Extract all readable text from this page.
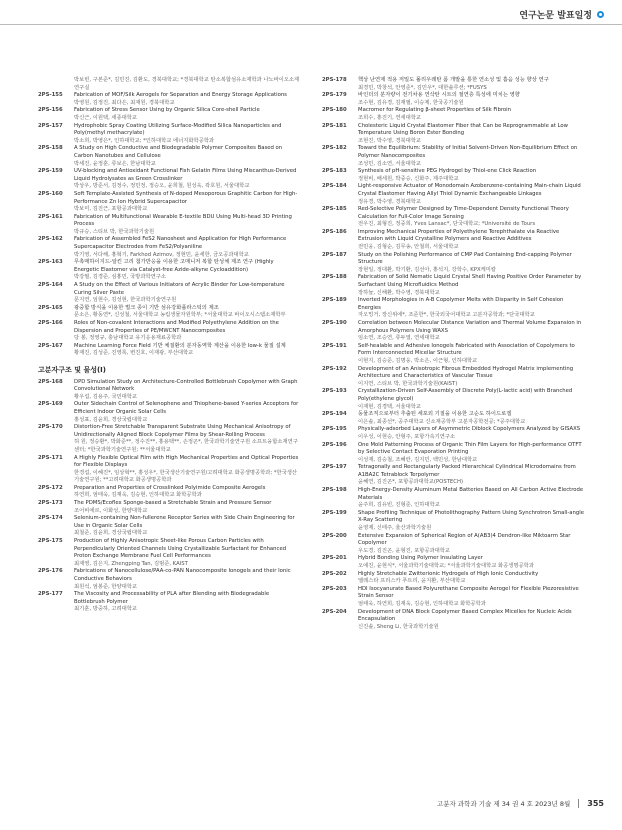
연구논문 발표일정
박보빈, 구본준*, 김민진, 김환도, 경북대학교; *경북대학교 탄소복합섬유소재학과 나노바이오소재 연구실
2PS-155	Fabrication of MOF/Silk Aerogels for Separation and Energy Storage Applications
박영원, 김정진, 최다은, 최재원, 경북대학교
2PS-156	Fabrication of Stress Sensor Using by Organic Silica Core-shell Particle
박신근, 이원택, 세종대학교
2PS-157	Hydrophobic Spray Coating Utilizing Surface-Modified Silica Nanoparticles and Poly(methyl methacrylate)
박소희, 박영은*, 인하대학교; *인하대학교 에너지화학공학과
2PS-158	A Study on High Conductive and Biodegradable Polymer Composites Based on Carbon Nanotubes and Cellulose
박세진, 윤정훈, 류보은, 한남대학교
2PS-159	UV-blocking and Antioxidant Functional Fish Gelatin Films Using Miscanthus-Derived Liquid Hydrolysates as Green Crosslinker
박상우, 방준서, 김정수, 정민정, 정승오, 윤희철, 원성욱, 곽호원, 서울대학교
2PS-160	Soft Template-Assisted Synthesis of N-doped Mesoporous Graphitic Carbon for High-Performance Zn Ion Hybrid Supercapacitor
박보미, 김진근, 포항공과대학교
2PS-161	Fabrication of Multifunctional Wearable E-textile BDU Using Multi-head 3D Printing Process
박규승, 스티브 박, 한국과학기술원
2PS-162	Fabrication of Assembled FeS2 Nanosheet and Application for High Performance Supercapacitor Electrodes from FeS2/Polyaniline
박기영, 서다해, 홍혁기, Farkhod Azimov, 정현민, 윤세한, 금오공과대학교
2PS-163	무촉매하이지드-알킨 고리 첨가반응을 이용한 고매니저 복합 탄성체 제조 연구 (Highly Energetic Elastomer via Catalyst-free Azide-alkyne Cycloaddition)
박강필, 김경준, 심홍민, 국방과학연구소
2PS-164	A Study on the Effect of Various Initiators of Acrylic Binder for Low-temperature Curing Silver Paste
문지연, 임현수, 김성현, 한국과학기술연구원
2PS-165	광중합 방식을 이용한 벌크 종이 기반 섬유강화플라스틱의 제조
문소은, 황동연*, 신성철, 서울대학교 농림생물자원학부; *서울대학교 바이오시스템소재학부
2PS-166	Roles of Non-covalent Interactions and Modified Polyethylene Addition on the Dispersion and Properties of PE/MWCNT Nanocomposites
당 봉, 정영규, 충남대학교 유기응용재료공학과
2PS-167	Machine Learning Force Field 기반 체질환의 분자동역학 계산을 이용한 low-k 물질 설계
황재진, 김성준, 진영록, 변진호, 이재광, 부산대학교
고분자구조 및 물성(I)
2PS-168	DPD Simulation Study on Architecture-Controlled Bottlebrush Copolymer with Graph Convolutional Network
황우섭, 김용주, 국민대학교
2PS-169	Outer Sidechain Control of Selenophene and Thiophene-based Y-series Acceptors for Efficient Indoor Organic Solar Cells
홍성표, 김윤희, 경상국립대학교
2PS-170	Distortion-Free Stretchable Transparent Substrate Using Mechanical Anisotropy of Unidirectionally Aligned Block Copolymer Films by Shear-Rolling Process
허 원, 정승환*, 박화준**, 정수진**, 홍용택**, 손정곤*, 한국과학기술연구원 소프트융합소재연구센터; *한국과학기술연구원; **서울대학교
2PS-171	A Highly Flexible Optical Film with High Mechanical Properties and Optical Properties for Flexible Displays
한경섭, 이혜진*, 임상혁**, 홍성우*, 한국생산기술연구원/고려대학교 화공생명공학과; *한국생산기술연구원; **고려대학교 화공생명공학과
2PS-172	Preparation and Properties of Crosslinked Polyimide Composite Aerogels
하연희, 엄태욱, 김재욱, 김승현, 인하대학교 화학공학과
2PS-173	The PDMS/Ecoflex Sponge-based a Stretchable Strain and Pressure Sensor
조어비에르, 이화성, 한양대학교
2PS-174	Selenium-containing Non-fullerene Receptor Series with Side Chain Engineering for Use in Organic Solar Cells
최철준, 김윤희, 경상국립대학교
2PS-175	Production of Highly Anisotropic Sheet-like Porous Carbon Particles with Perpendicularly Oriented Channels Using Crystallizable Surfactant for Enhanced Proton Exchange Membrane Fuel Cell Performances
최재영, 김은지, Zhengping Tan, 김범준, KAIST
2PS-176	Fabrications of Nanocellulose/PAA-co-PAN Nanocomposite Ionogels and their Ionic Conductive Behaviors
최원석, 엄봉준, 한양대학교
2PS-177	The Viscosity and Processability of PLA after Blending with Biodegradable Bottlebrush Polymer
최기훈, 방중하, 고려대학교
2PS-178	핵상 난연제 적용 저밀도 폴리우레탄 폼 개발을 통한 연소성 및 흡음 성능 향상 연구
최경민, 박창석, 안영준*, 김민우*, 대한솔루션; *FUSYS
2PS-179	바인더의 분자량이 전기차용 연삭탄 시트의 절연층 특성에 미치는 영향
조수현, 김유경, 김재필, 이승제, 한국공기술원
2PS-180	Macromer for Regulating β-sheet Properties of Silk Fibroin
조희수, 홍진기, 연세대학교
2PS-181	Cholesteric Liquid Crystal Elastomer Fiber that Can be Reprogrammable at Low Temperature Using Boron Ester Bonding
조현진, 박수영, 경북대학교
2PS-182	Toward the Equilibrium: Stability of Initial Solvent-Driven Non-Equilibrium Effect on Polymer Nanocomposites
조성민, 김소연, 서울대학교
2PS-183	Synthesis of pH-sensitive PEG Hydrogel by Thiol-ene Click Reaction
정현비, 배세원, 박중승, 신화주, 제주대학교
2PS-184	Light-responsive Actuator of Monodomain Azobenzene-containing Main-chain Liquid Crystal Elastomer Having Allyl Thiol Dynamic Exchangeable Linkages
정유경, 박수영, 경북대학교
2PS-185	Red-Selective Polymer Designed by Time-Dependent Density Functional Theory Calculation for Full-Color Image Sensing
전우진, 최형진, 정중희, Yves Lansac*, 단국대학교; *Université de Tours
2PS-186	Improving Mechanical Properties of Polyethylene Terephthalate via Reactive Extrusion with Liquid Crystalline Polymers and Reactive Additives
전민웅, 김형순, 김무송, 안철희, 서울대학교
2PS-187	Study on the Polishing Performance of CMP Pad Containing End-capping Polymer Structure
장현일, 정대환, 박기환, 김선아, 홍석지, 강학수, KPX케미칼
2PS-188	Fabrication of Solid Nematic Liquid Crystal Shell Having Positive Order Parameter by Surfactant Using Microfluidics Method
장하늘, 신해환, 박수영, 경북대학교
2PS-189	Inverted Morphologies in A-B Copolymer Melts with Disparity in Self Cohesion Energies
자오밍거, 장신위에*, 조준한*, 한국외국어대학교 고분자공학과; *단국대학교
2PS-190	Correlation between Molecular Distance Variation and Thermal Volume Expansion in Amorphous Polymers Using WAXS
임소연, 조승연, 류두열, 연세대학교
2PS-191	Self-healable and Adhesive Ionogels Fabricated with Association of Copolymers to Form Interconnected Micellar Structure
이현지, 김승준, 김명웅, 박소은, 이근형, 인하대학교
2PS-192	Development of an Anisotropic Fibrous Embedded Hydrogel Matrix implementing Architecture and Characteristics of Vascular Tissue
이지연, 스티브 박, 한국과학기술원(KAIST)
2PS-193	Crystallization-Driven Self-Assembly of Discrete Poly(L-lactic acid) with Branched Poly(ethylene glycol)
이재현, 김경택, 서울대학교
2PS-194	동물조직으로부터 추출된 세포외 기질을 이용한 고순도 하이드로겔
이은솔, 최종선*, 공주대학교 신소재공학부 고분자공학전공; *공주대학교
2PS-195	Physically-adsorbed Layers of Asymmetric Diblock Copolymers Analyzed by GISAXS
이우성, 이현승, 안형주, 포항가속기연구소
2PS-196	One Mold Patterning Process of Organic Thin Film Layers for High-performance OTFT by Selective Contact Evaporation Printing
이성재, 김승철, 조혜란, 김지민, 백민성, 한남대학교
2PS-197	Tetragonally and Rectangularly Packed Hierarchical Cylindrical Microdomains from A1BA2C Tetrablock Terpolymer
윤혜연, 김진곤*, 포항공과대학교(POSTECH)
2PS-198	High-Energy-Density Aluminum Metal Batteries Based on All Carbon Active Electrode Materials
윤주희, 김유빈, 진형준, 인하대학교
2PS-199	Shape Profiling Technique of Photolithography Pattern Using Synchrotron Small-angle X-Ray Scattering
윤영제, 신태주, 울산과학기술원
2PS-200	Extensive Expansion of Spherical Region of A(AB3)4 Dendron-like Miktoarm Star Copolymer
우도경, 김진곤, 윤형진, 포항공과대학교
2PS-201	Hybrid Bonding Using Polymer Insulating Layer
오에진, 윤현식*, 서울과학기술대학교; *서울과학기술대학교 화공생명공학과
2PS-202	Highly Stretchable Zwitterionic Hydrogels of High Ionic Conductivity
엘레스타 프리스카 푸트리, 윤지환, 부산대학교
2PS-203	HDI Isocyanurate Based Polyurethane Composite Aerogel for Flexible Piezoresistive Strain Sensor
엄태욱, 하연희, 김재욱, 김승현, 인하대학교 화학공학과
2PS-204	Development of DNA Block Copolymer Based Complex Micelles for Nucleic Acids Encapsulation
신진솔, Sheng Li, 한국과학기술원
고분자 과학과 기술 제 34 권 4 호 2023년 8월 355
